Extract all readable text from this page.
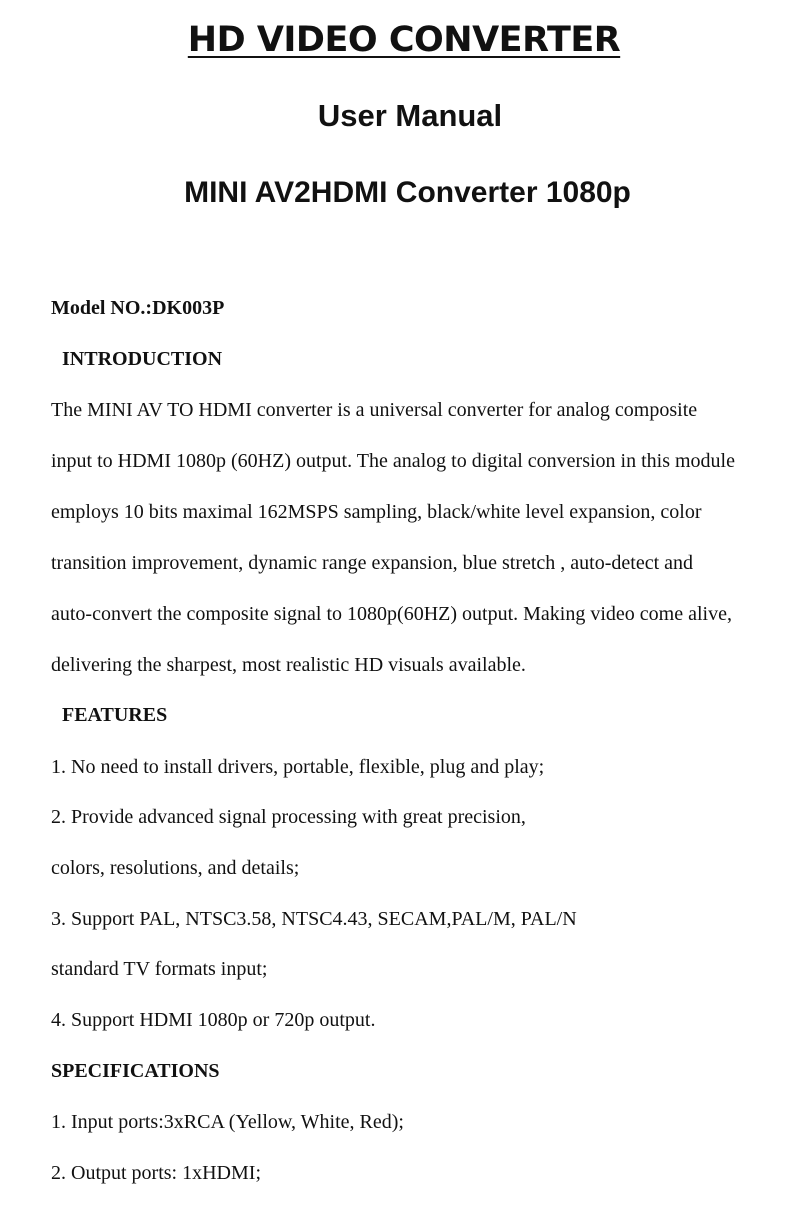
HD VIDEO CONVERTER
User Manual
MINI AV2HDMI Converter 1080p

Model NO.:DK003P

INTRODUCTION

The MINI AV TO HDMI converter is a universal converter for analog composite

input to HDMI 1080p (60HZ) output. The analog to digital conversion in this module

employs 10 bits maximal 162MSPS sampling, black/white level expansion, color

transition improvement, dynamic range expansion, blue stretch , auto-detect and

auto-convert the composite signal to 1080p(60HZ) output. Making video come alive,

delivering the sharpest, most realistic HD visuals available.

FEATURES

1. No need to install drivers, portable, flexible, plug and play;

2. Provide advanced signal processing with great precision,

colors, resolutions, and details;

3. Support PAL, NTSC3.58, NTSC4.43, SECAM,PAL/M, PAL/N

standard TV formats input;

4. Support HDMI 1080p or 720p output.

SPECIFICATIONS

1. Input ports:3xRCA (Yellow, White, Red);

2. Output ports: 1xHDMI;
